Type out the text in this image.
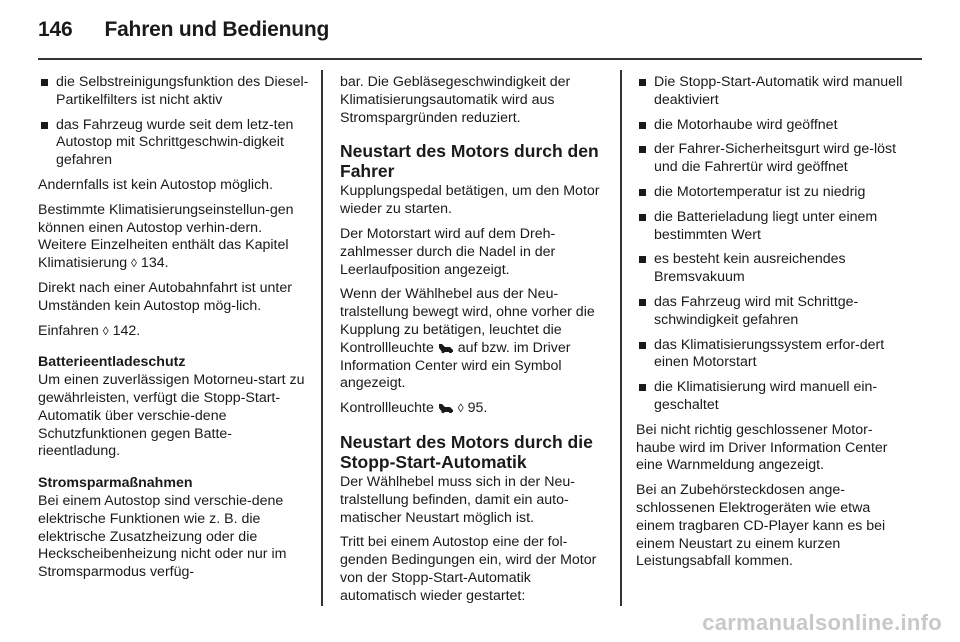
146 Fahren und Bedienung
die Selbstreinigungsfunktion des Diesel-Partikelfilters ist nicht aktiv
das Fahrzeug wurde seit dem letz-ten Autostop mit Schrittgeschwin-digkeit gefahren

Andernfalls ist kein Autostop möglich.

Bestimmte Klimatisierungseinstellun-gen können einen Autostop verhin-dern. Weitere Einzelheiten enthält das Kapitel Klimatisierung ◊ 134.

Direkt nach einer Autobahnfahrt ist unter Umständen kein Autostop mög-lich.

Einfahren ◊ 142.

Batterieentladeschutz

Um einen zuverlässigen Motorneu-start zu gewährleisten, verfügt die Stopp-Start-Automatik über verschie-dene Schutzfunktionen gegen Batte-rieentladung.

Stromsparmaßnahmen

Bei einem Autostop sind verschie-dene elektrische Funktionen wie z. B. die elektrische Zusatzheizung oder die Heckscheibenheizung nicht oder nur im Stromsparmodus verfüg-

bar. Die Gebläsegeschwindigkeit der Klimatisierungsautomatik wird aus Stromspargründen reduziert.

Neustart des Motors durch den Fahrer

Kupplungspedal betätigen, um den Motor wieder zu starten.

Der Motorstart wird auf dem Dreh-zahlmesser durch die Nadel in der Leerlaufposition angezeigt.

Wenn der Wählhebel aus der Neu-tralstellung bewegt wird, ohne vorher die Kupplung zu betätigen, leuchtet die Kontrollleuchte  auf bzw. im Driver Information Center wird ein Symbol angezeigt.

Kontrollleuchte  ◊ 95.

Neustart des Motors durch die Stopp-Start-Automatik

Der Wählhebel muss sich in der Neu-tralstellung befinden, damit ein auto-matischer Neustart möglich ist.

Tritt bei einem Autostop eine der fol-genden Bedingungen ein, wird der Motor von der Stopp-Start-Automatik automatisch wieder gestartet:

Die Stopp-Start-Automatik wird manuell deaktiviert
die Motorhaube wird geöffnet
der Fahrer-Sicherheitsgurt wird ge-löst und die Fahrertür wird geöffnet
die Motortemperatur ist zu niedrig
die Batterieladung liegt unter einem bestimmten Wert
es besteht kein ausreichendes Bremsvakuum
das Fahrzeug wird mit Schrittge-schwindigkeit gefahren
das Klimatisierungssystem erfor-dert einen Motorstart
die Klimatisierung wird manuell ein-geschaltet

Bei nicht richtig geschlossener Motor-haube wird im Driver Information Center eine Warnmeldung angezeigt.

Bei an Zubehörsteckdosen ange-schlossenen Elektrogeräten wie etwa einem tragbaren CD-Player kann es bei einem Neustart zu einem kurzen Leistungsabfall kommen.

carmanualsonline.info
